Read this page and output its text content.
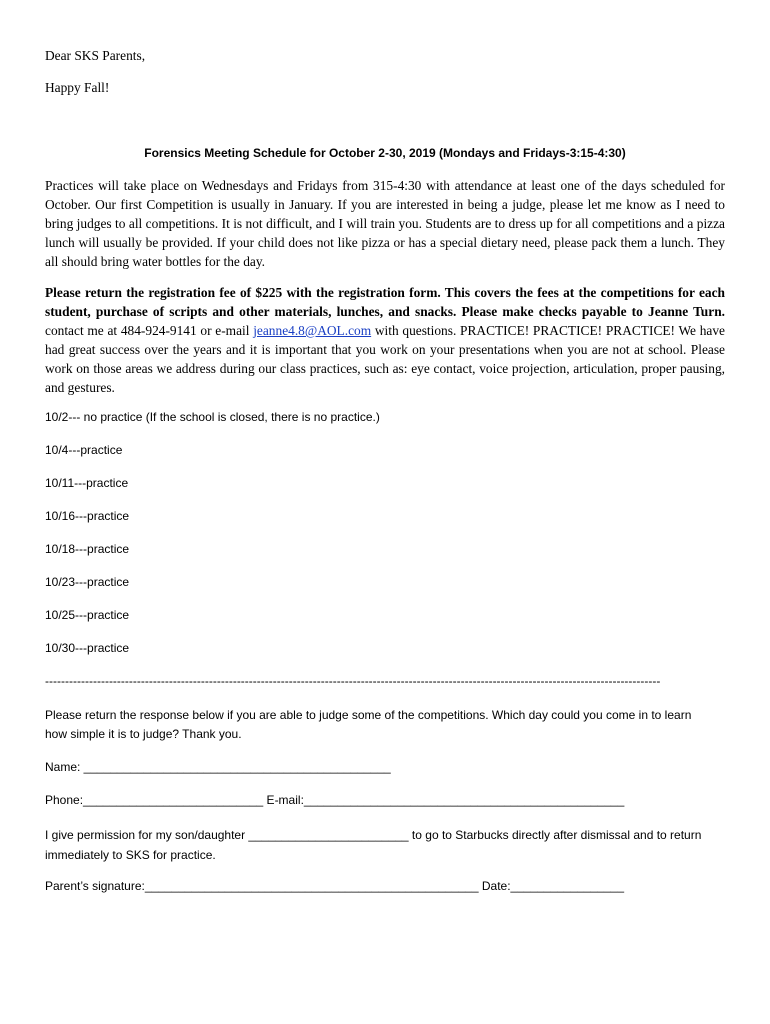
Dear SKS Parents,
Happy Fall!
Forensics Meeting Schedule for October 2-30, 2019 (Mondays and Fridays-3:15-4:30)
Practices will take place on Wednesdays and Fridays from 315-4:30 with attendance at least one of the days scheduled for October. Our first Competition is usually in January. If you are interested in being a judge, please let me know as I need to bring judges to all competitions. It is not difficult, and I will train you. Students are to dress up for all competitions and a pizza lunch will usually be provided. If your child does not like pizza or has a special dietary need, please pack them a lunch. They all should bring water bottles for the day.
Please return the registration fee of $225 with the registration form. This covers the fees at the competitions for each student, purchase of scripts and other materials, lunches, and snacks. Please make checks payable to Jeanne Turn. contact me at 484-924-9141 or e-mail jeanne4.8@AOL.com with questions. PRACTICE! PRACTICE! PRACTICE! We have had great success over the years and it is important that you work on your presentations when you are not at school. Please work on those areas we address during our class practices, such as: eye contact, voice projection, articulation, proper pausing, and gestures.
10/2--- no practice (If the school is closed, there is no practice.)
10/4---practice
10/11---practice
10/16---practice
10/18---practice
10/23---practice
10/25---practice
10/30---practice
----------------------------------------------------------------------------------------------------------------------------------------------------------
Please return the response below if you are able to judge some of the competitions. Which day could you come in to learn how simple it is to judge? Thank you.
Name: ______________________________________________
Phone:___________________________ E-mail:________________________________________________
I give permission for my son/daughter ________________________ to go to Starbucks directly after dismissal and to return immediately to SKS for practice.
Parent’s signature:__________________________________________________ Date:_________________
